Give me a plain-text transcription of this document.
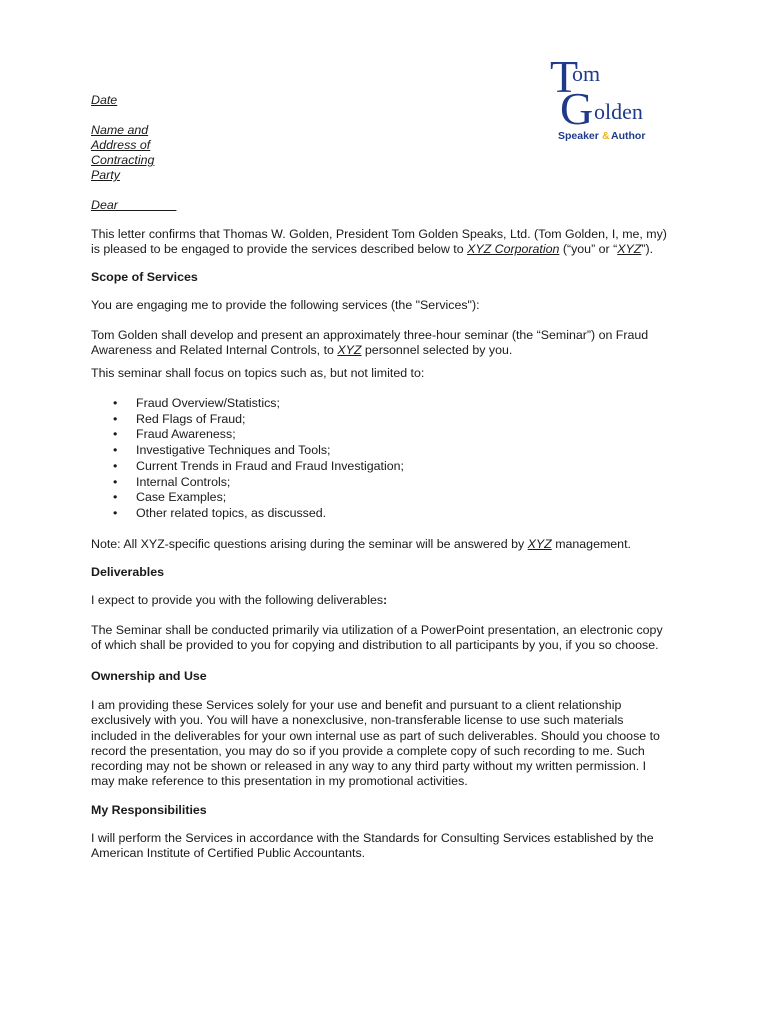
T
om
G olden
Speaker & Author
Date
Name and
Address of
Contracting
Party
Dear ________
This letter confirms that Thomas W. Golden, President Tom Golden Speaks, Ltd. (Tom Golden, I, me, my)
is pleased to be engaged to provide the services described below to XYZ Corporation (“you” or “XYZ”).
Scope of Services
You are engaging me to provide the following services (the "Services"):
Tom Golden shall develop and present an approximately three-hour seminar (the “Seminar”) on Fraud
Awareness and Related Internal Controls, to XYZ personnel selected by you.
This seminar shall focus on topics such as, but not limited to:
• Fraud Overview/Statistics;
• Red Flags of Fraud;
• Fraud Awareness;
• Investigative Techniques and Tools;
• Current Trends in Fraud and Fraud Investigation;
• Internal Controls;
• Case Examples;
• Other related topics, as discussed.
Note: All XYZ-specific questions arising during the seminar will be answered by XYZ management.
Deliverables
I expect to provide you with the following deliverables:
The Seminar shall be conducted primarily via utilization of a PowerPoint presentation, an electronic copy
of which shall be provided to you for copying and distribution to all participants by you, if you so choose.
Ownership and Use
I am providing these Services solely for your use and benefit and pursuant to a client relationship
exclusively with you. You will have a nonexclusive, non-transferable license to use such materials
included in the deliverables for your own internal use as part of such deliverables. Should you choose to
record the presentation, you may do so if you provide a complete copy of such recording to me. Such
recording may not be shown or released in any way to any third party without my written permission. I
may make reference to this presentation in my promotional activities.
My Responsibilities
I will perform the Services in accordance with the Standards for Consulting Services established by the
American Institute of Certified Public Accountants.
